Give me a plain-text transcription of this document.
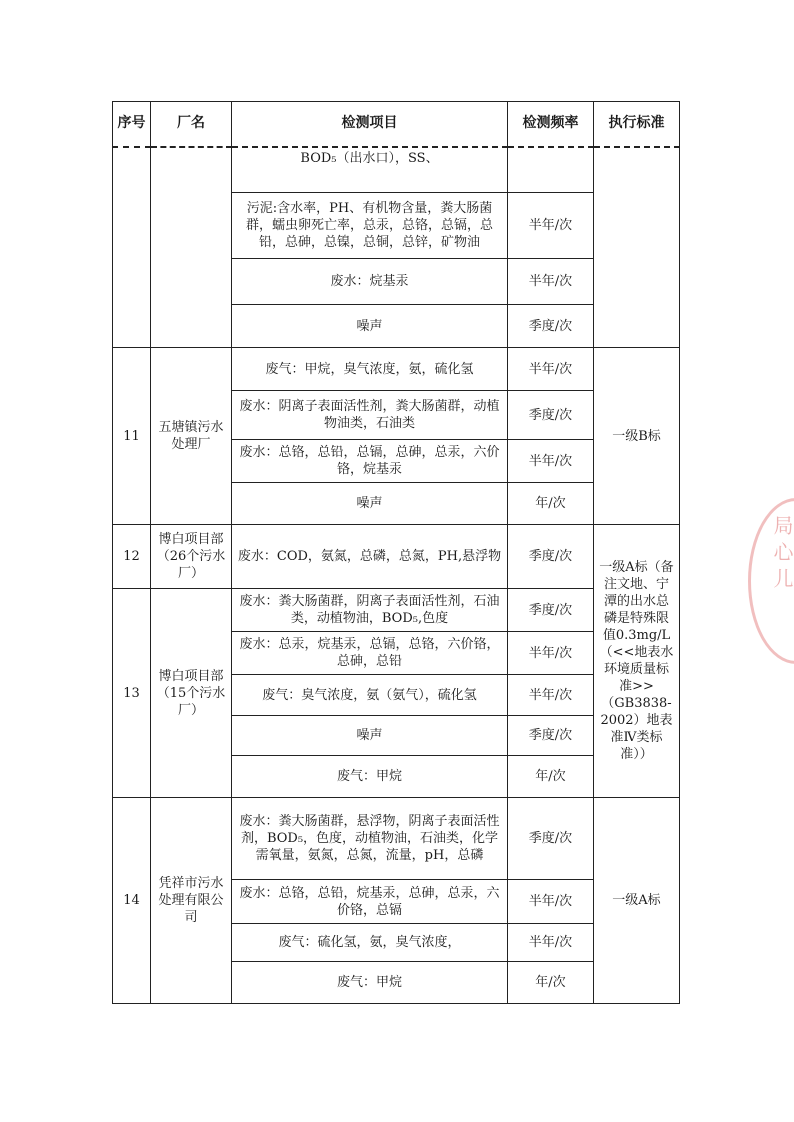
序号	厂名	检测项目	检测频率	执行标准
		BOD₅（出水口），SS、		
		污泥:含水率，PH、有机物含量，粪大肠菌群，蠕虫卵死亡率，总汞，总铬，总镉，总铅，总砷，总镍，总铜，总锌，矿物油	半年/次	
		废水：烷基汞	半年/次	
		噪声	季度/次	
11	五塘镇污水处理厂	废气：甲烷，臭气浓度，氨，硫化氢	半年/次	一级B标
		废水：阴离子表面活性剂，粪大肠菌群，动植物油类，石油类	季度/次	
		废水：总铬，总铅，总镉，总砷，总汞，六价铬，烷基汞	半年/次	
		噪声	年/次	
12	博白项目部（26个污水厂）	废水：COD，氨氮，总磷，总氮，PH,悬浮物	季度/次	一级A标（备注文地、宁潭的出水总磷是特殊限值0.3mg/L（<<地表水环境质量标准>>（GB3838-2002）地表准Ⅳ类标准））
13	博白项目部（15个污水厂）	废水：粪大肠菌群，阴离子表面活性剂，石油类，动植物油，BOD₅,色度	季度/次	
		废水：总汞，烷基汞，总镉，总铬，六价铬，总砷，总铅	半年/次	
		废气：臭气浓度，氨（氨气），硫化氢	半年/次	
		噪声	季度/次	
		废气：甲烷	年/次	
14	凭祥市污水处理有限公司	废水：粪大肠菌群，悬浮物，阴离子表面活性剂，BOD₅，色度，动植物油，石油类，化学需氧量，氨氮，总氮，流量，pH，总磷	季度/次	一级A标
		废水：总铬，总铅，烷基汞，总砷，总汞，六价铬，总镉	半年/次	
		废气：硫化氢，氨，臭气浓度，	半年/次	
		废气：甲烷	年/次	
局 心 儿
